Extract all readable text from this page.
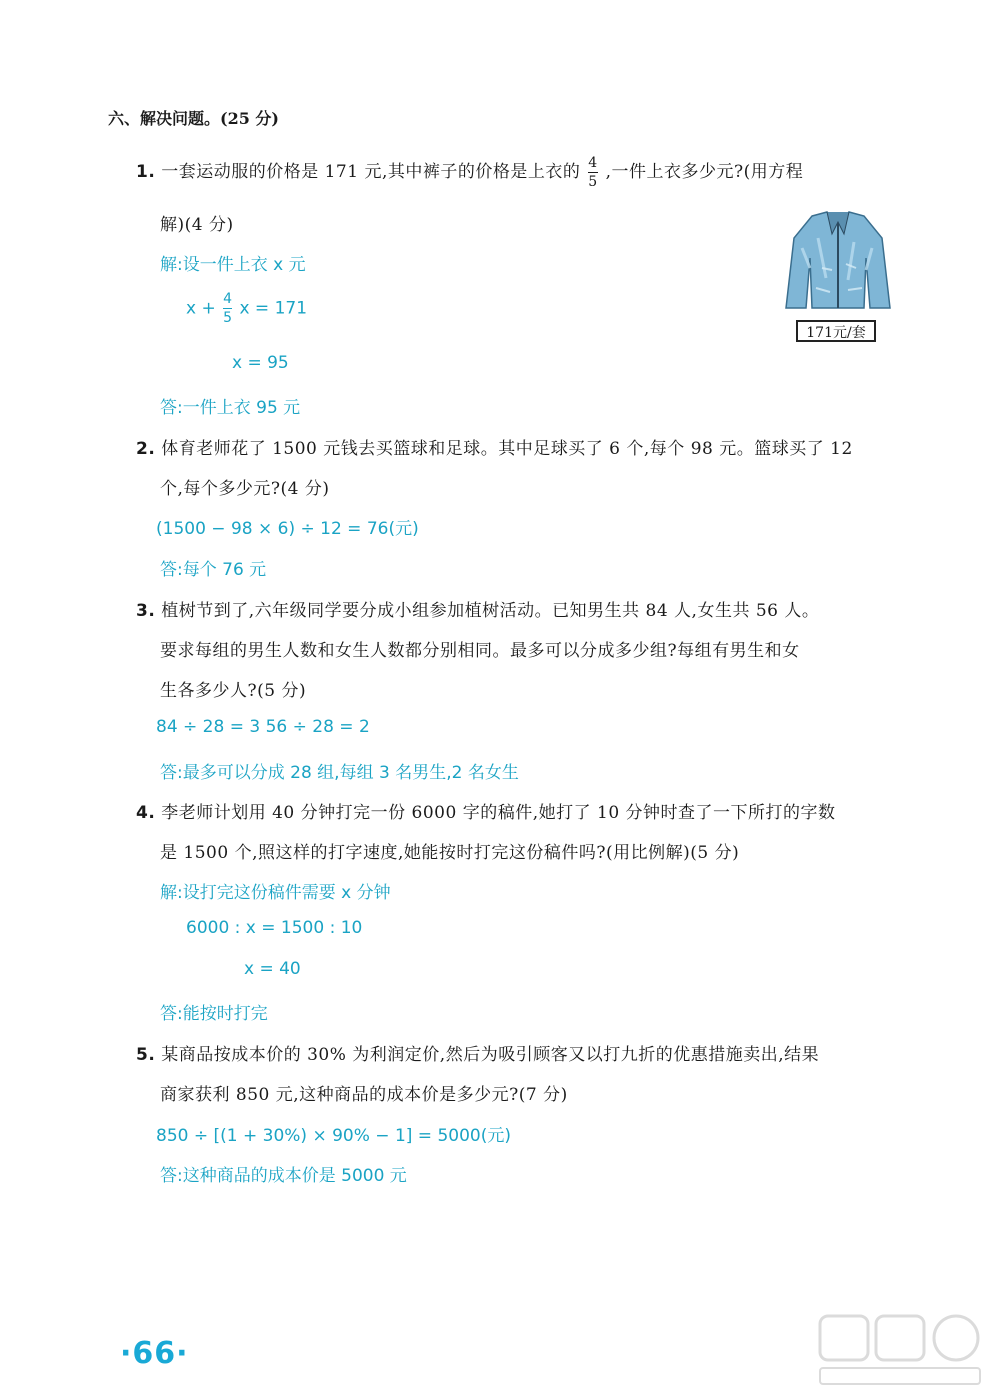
六、解决问题。(25 分)
1. 一套运动服的价格是 171 元,其中裤子的价格是上衣的 $\frac{4}{5}$ ,一件上衣多少元?(用方程
解)(4 分)
解:设一件上衣 x 元
$x + \frac{4}{5}$ x = 171
x = 95
答:一件上衣 95 元
171元/套
2. 体育老师花了 1500 元钱去买篮球和足球。其中足球买了 6 个,每个 98 元。篮球买了 12
个,每个多少元?(4 分)
(1500 − 98 × 6) ÷ 12 = 76(元)
答:每个 76 元
3. 植树节到了,六年级同学要分成小组参加植树活动。已知男生共 84 人,女生共 56 人。
要求每组的男生人数和女生人数都分别相同。最多可以分成多少组?每组有男生和女
生各多少人?(5 分)
84 ÷ 28 = 3 56 ÷ 28 = 2
答:最多可以分成 28 组,每组 3 名男生,2 名女生
4. 李老师计划用 40 分钟打完一份 6000 字的稿件,她打了 10 分钟时查了一下所打的字数
是 1500 个,照这样的打字速度,她能按时打完这份稿件吗?(用比例解)(5 分)
解:设打完这份稿件需要 x 分钟
6000 : x = 1500 : 10
x = 40
答:能按时打完
5. 某商品按成本价的 30% 为利润定价,然后为吸引顾客又以打九折的优惠措施卖出,结果
商家获利 850 元,这种商品的成本价是多少元?(7 分)
850 ÷ [(1 + 30%) × 90% − 1] = 5000(元)
答:这种商品的成本价是 5000 元
·66·
